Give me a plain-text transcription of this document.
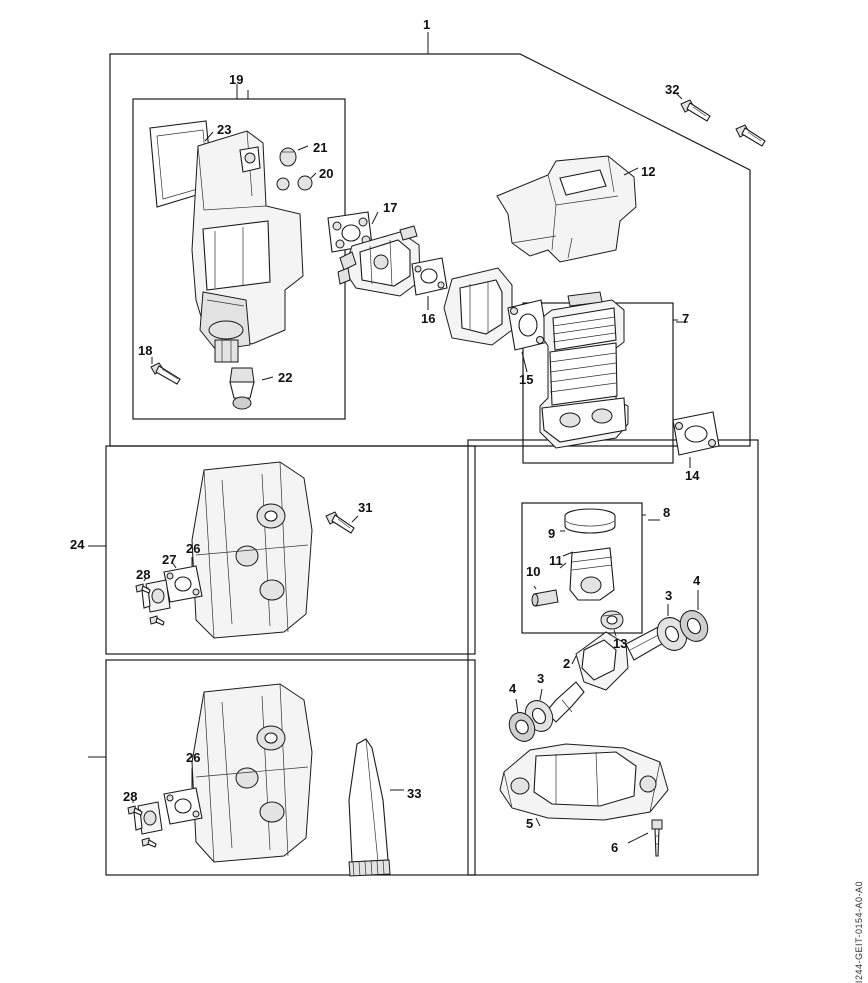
1
19
32
23
21
12
20
17
7
16
18
15
22
14
31	8
9
24
27
26
11
10
28	4
3
13
2
3
4
26
5
33
28
6
I244-GEIT-0154-A0-A0
